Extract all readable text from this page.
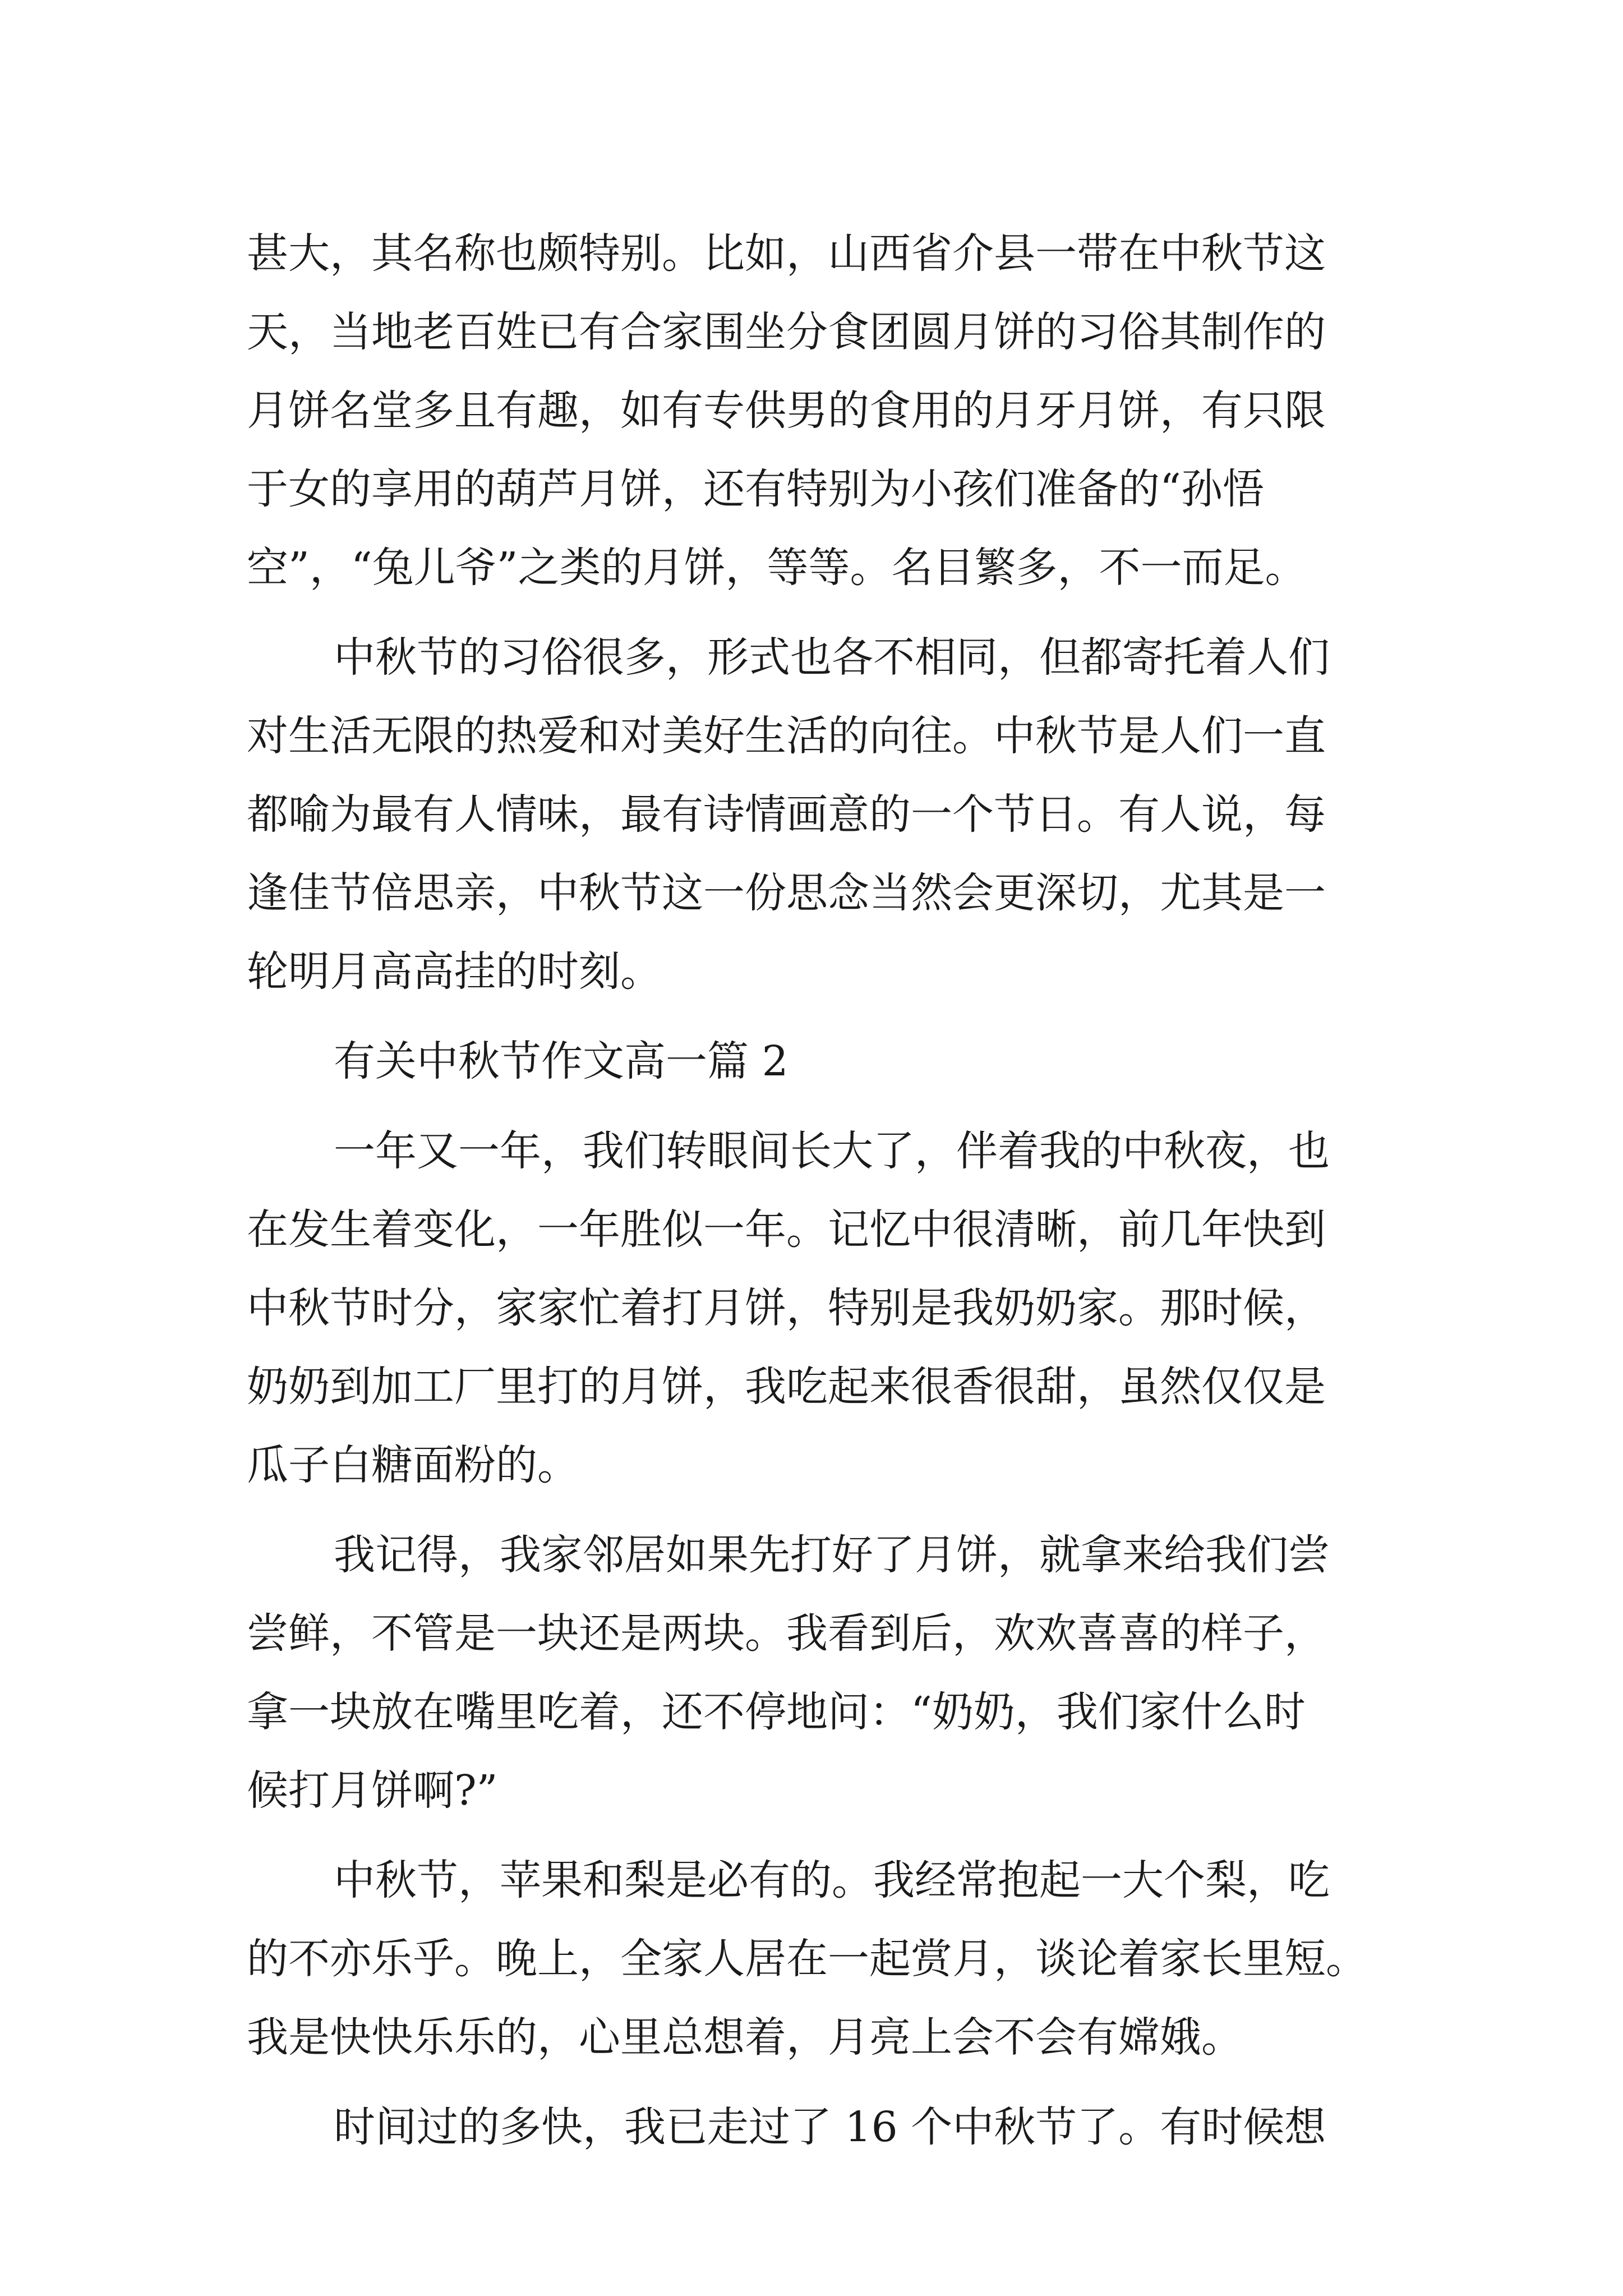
甚大，其名称也颇特别。比如，山西省介县一带在中秋节这
天，当地老百姓已有合家围坐分食团圆月饼的习俗其制作的
月饼名堂多且有趣，如有专供男的食用的月牙月饼，有只限
于女的享用的葫芦月饼，还有特别为小孩们准备的“孙悟
空”，“兔儿爷”之类的月饼，等等。名目繁多，不一而足。
中秋节的习俗很多，形式也各不相同，但都寄托着人们
对生活无限的热爱和对美好生活的向往。中秋节是人们一直
都喻为最有人情味，最有诗情画意的一个节日。有人说，每
逢佳节倍思亲，中秋节这一份思念当然会更深切，尤其是一
轮明月高高挂的时刻。
有关中秋节作文高一篇 2
一年又一年，我们转眼间长大了，伴着我的中秋夜，也
在发生着变化，一年胜似一年。记忆中很清晰，前几年快到
中秋节时分，家家忙着打月饼，特别是我奶奶家。那时候，
奶奶到加工厂里打的月饼，我吃起来很香很甜，虽然仅仅是
瓜子白糖面粉的。
我记得，我家邻居如果先打好了月饼，就拿来给我们尝
尝鲜，不管是一块还是两块。我看到后，欢欢喜喜的样子，
拿一块放在嘴里吃着，还不停地问：“奶奶，我们家什么时
候打月饼啊?”
中秋节，苹果和梨是必有的。我经常抱起一大个梨，吃
的不亦乐乎。晚上，全家人居在一起赏月，谈论着家长里短。
我是快快乐乐的，心里总想着，月亮上会不会有嫦娥。
时间过的多快，我已走过了 16 个中秋节了。有时候想
